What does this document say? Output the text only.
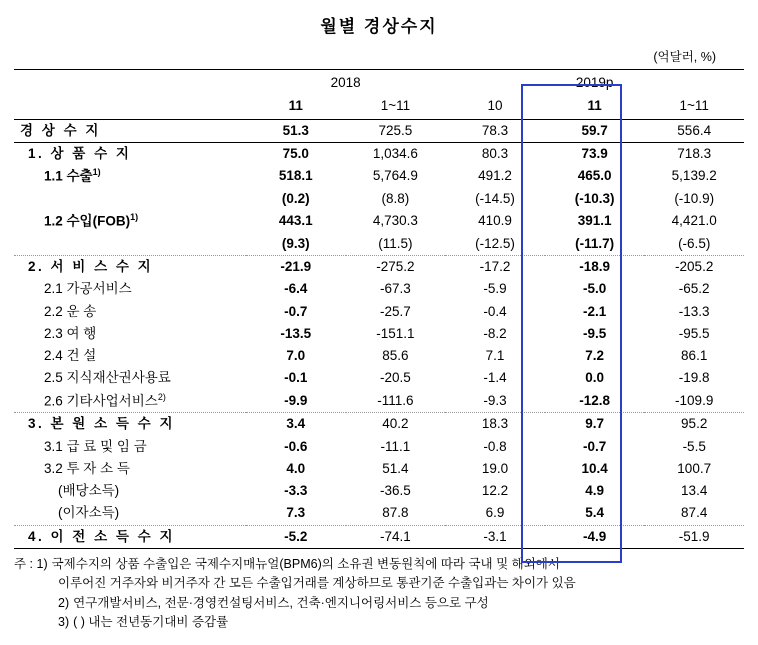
월별 경상수지
(억달러, %)
	2018		2019p		
	11	1~11	10	11	1~11
경 상 수 지	51.3	725.5	78.3	59.7	556.4
1. 상 품 수 지	75.0	1,034.6	80.3	73.9	718.3
1.1 수출$^{1)}$	518.1	5,764.9	491.2	465.0	5,139.2
	(0.2)	(8.8)	(-14.5)	(-10.3)	(-10.9)
1.2 수입(FOB)$^{1)}$	443.1	4,730.3	410.9	391.1	4,421.0
	(9.3)	(11.5)	(-12.5)	(-11.7)	(-6.5)
2. 서 비 스 수 지	-21.9	-275.2	-17.2	-18.9	-205.2
2.1 가공서비스	-6.4	-67.3	-5.9	-5.0	-65.2
2.2 운 송	-0.7	-25.7	-0.4	-2.1	-13.3
2.3 여 행	-13.5	-151.1	-8.2	-9.5	-95.5
2.4 건 설	7.0	85.6	7.1	7.2	86.1
2.5 지식재산권사용료	-0.1	-20.5	-1.4	0.0	-19.8
2.6 기타사업서비스$^{2)}$	-9.9	-111.6	-9.3	-12.8	-109.9
3. 본 원 소 득 수 지	3.4	40.2	18.3	9.7	95.2
3.1 급 료 및 임 금	-0.6	-11.1	-0.8	-0.7	-5.5
3.2 투 자 소 득	4.0	51.4	19.0	10.4	100.7
(배당소득)	-3.3	-36.5	12.2	4.9	13.4
(이자소득)	7.3	87.8	6.9	5.4	87.4
4. 이 전 소 득 수 지	-5.2	-74.1	-3.1	-4.9	-51.9
주 : 1) 국제수지의 상품 수출입은 국제수지매뉴얼(BPM6)의 소유권 변동원칙에 따라 국내 및 해외에서
이루어진 거주자와 비거주자 간 모든 수출입거래를 계상하므로 통관기준 수출입과는 차이가 있음
2) 연구개발서비스, 전문·경영컨설팅서비스, 건축·엔지니어링서비스 등으로 구성
3) ( ) 내는 전년동기대비 증감률
